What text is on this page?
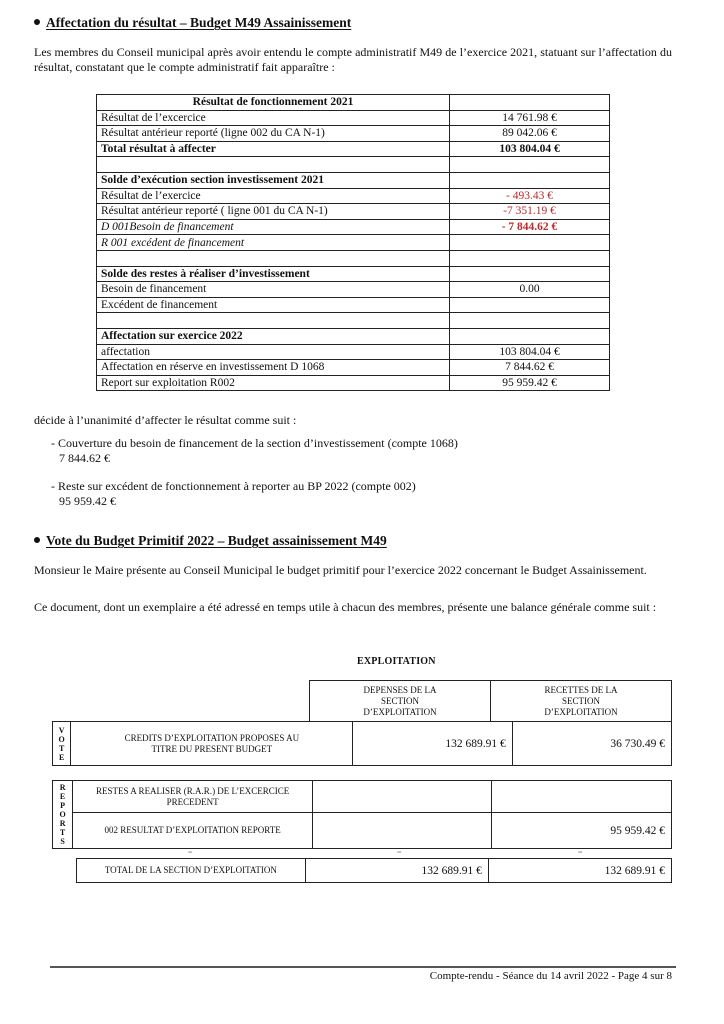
Affectation du résultat – Budget M49 Assainissement
Les membres du Conseil municipal après avoir entendu le compte administratif M49 de l’exercice 2021, statuant sur l’affectation du résultat, constatant que le compte administratif fait apparaître :
Résultat de fonctionnement 2021	
Résultat de l’excercice	14 761.98 €
Résultat antérieur reporté (ligne 002 du CA N-1)	89 042.06 €
Total résultat à affecter	103 804.04 €

Solde d’exécution section investissement 2021	
Résultat de l’exercice	- 493.43 €
Résultat antérieur reporté ( ligne 001 du CA N-1)	-7 351.19 €
D 001Besoin de financement	- 7 844.62 €
R 001 excédent de financement	

Solde des restes à réaliser d’investissement	
Besoin de financement	0.00
Excédent de financement	

Affectation sur exercice 2022	
affectation	103 804.04 €
Affectation en réserve en investissement D 1068	7 844.62 €
Report sur exploitation R002	95 959.42 €
décide à l’unanimité d’affecter le résultat comme suit :
- Couverture du besoin de financement de la section d’investissement (compte 1068)
7 844.62 €
- Reste sur excédent de fonctionnement à reporter au BP 2022 (compte 002)
95 959.42 €
Vote du Budget Primitif 2022 – Budget assainissement M49
Monsieur le Maire présente au Conseil Municipal le budget primitif pour l’exercice 2022 concernant le Budget Assainissement.
Ce document, dont un exemplaire a été adressé en temps utile à chacun des membres, présente une balance générale comme suit :
EXPLOITATION
DEPENSES DE LA SECTION D’EXPLOITATION	RECETTES DE LA SECTION D’EXPLOITATION
V
O
T
E
	CREDITS D’EXPLOITATION PROPOSES AU TITRE DU PRESENT BUDGET	132 689.91 €	36 730.49 €
R
E
P
O
R
T
S
	RESTES A REALISER (R.A.R.) DE L’EXCERCICE PRECEDENT		
	002 RESULTAT D’EXPLOITATION REPORTE		95 959.42 €
=	=	=
TOTAL DE LA SECTION D’EXPLOITATION	132 689.91 €	132 689.91 €
Compte-rendu - Séance du 14 avril 2022 - Page 4 sur 8
